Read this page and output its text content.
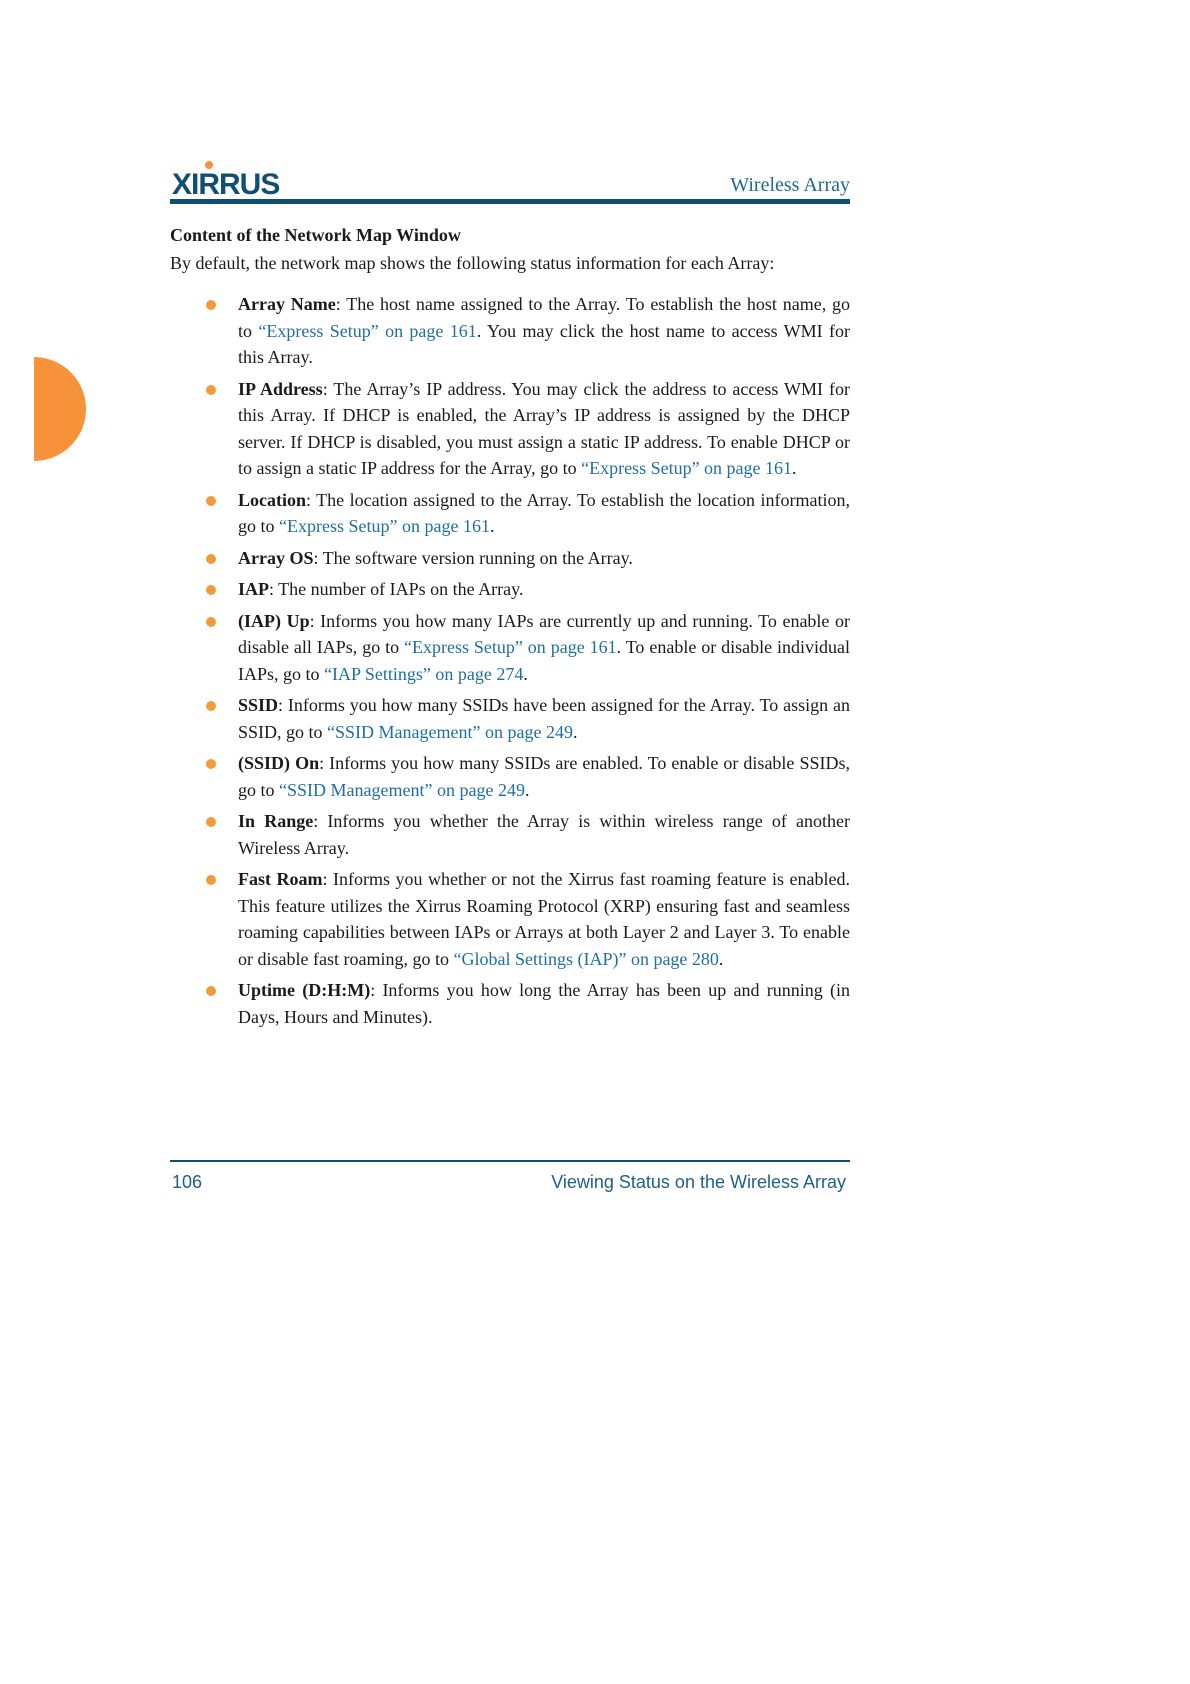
XIRRUS	Wireless Array
Content of the Network Map Window
By default, the network map shows the following status information for each Array:
Array Name: The host name assigned to the Array. To establish the host name, go to “Express Setup” on page 161. You may click the host name to access WMI for this Array.
IP Address: The Array’s IP address. You may click the address to access WMI for this Array. If DHCP is enabled, the Array’s IP address is assigned by the DHCP server. If DHCP is disabled, you must assign a static IP address. To enable DHCP or to assign a static IP address for the Array, go to “Express Setup” on page 161.
Location: The location assigned to the Array. To establish the location information, go to “Express Setup” on page 161.
Array OS: The software version running on the Array.
IAP: The number of IAPs on the Array.
(IAP) Up: Informs you how many IAPs are currently up and running. To enable or disable all IAPs, go to “Express Setup” on page 161. To enable or disable individual IAPs, go to “IAP Settings” on page 274.
SSID: Informs you how many SSIDs have been assigned for the Array. To assign an SSID, go to “SSID Management” on page 249.
(SSID) On: Informs you how many SSIDs are enabled. To enable or disable SSIDs, go to “SSID Management” on page 249.
In Range: Informs you whether the Array is within wireless range of another Wireless Array.
Fast Roam: Informs you whether or not the Xirrus fast roaming feature is enabled. This feature utilizes the Xirrus Roaming Protocol (XRP) ensuring fast and seamless roaming capabilities between IAPs or Arrays at both Layer 2 and Layer 3. To enable or disable fast roaming, go to “Global Settings (IAP)” on page 280.
Uptime (D:H:M): Informs you how long the Array has been up and running (in Days, Hours and Minutes).
106	Viewing Status on the Wireless Array
